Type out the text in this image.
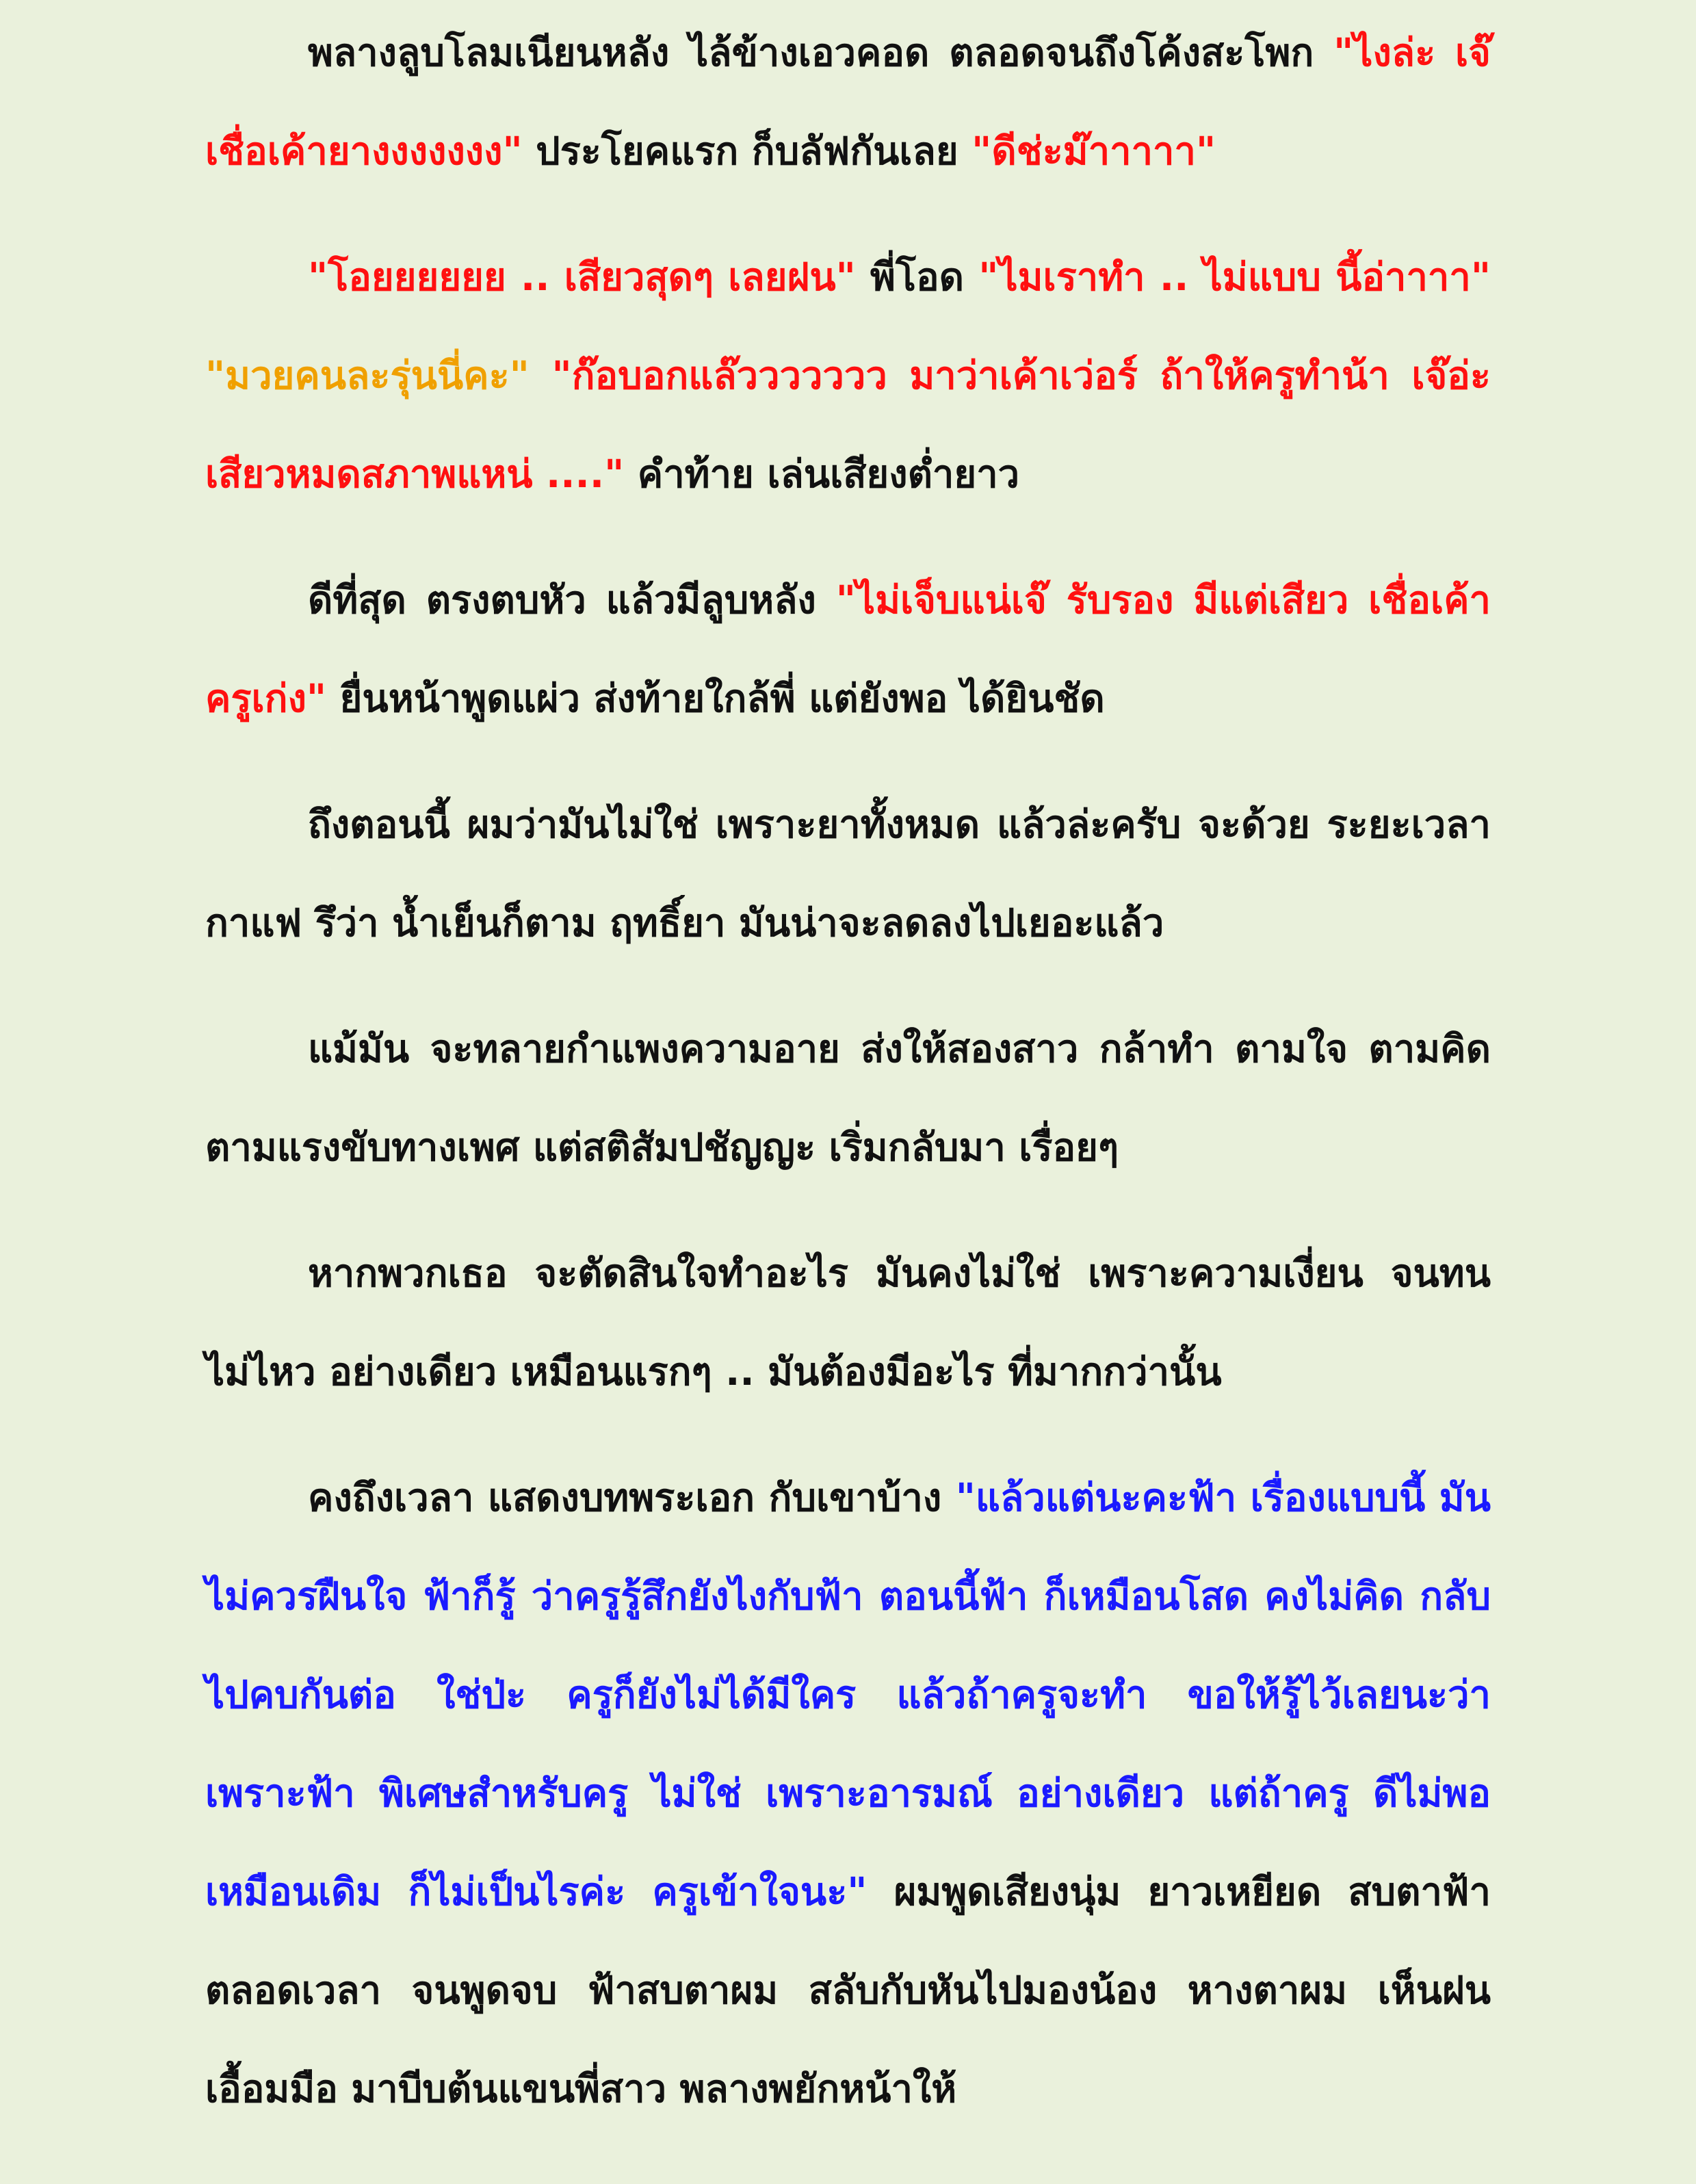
พลางลูบโลมเนียนหลัง ไล้ข้างเอวคอด ตลอดจนถึงโค้งสะโพก "ไงล่ะ เจ๊ เชื่อเค้ายางงงงงงง" ประโยคแรก ก็บลัฟกันเลย "ดีช่ะม๊าาาาา"

"โอยยยยยย .. เสียวสุดๆ เลยฝน" พี่โอด "ไมเราทำ .. ไม่แบบ นี้อ่าาาา" "มวยคนละรุ่นนี่คะ" "ก๊อบอกแล๊ววววววว มาว่าเค้าเว่อร์ ถ้าให้ครูทำน้า เจ๊อ่ะ เสียวหมดสภาพแหน่ ...." คำท้าย เล่นเสียงต่ำยาว

ดีที่สุด ตรงตบหัว แล้วมีลูบหลัง "ไม่เจ็บแน่เจ๊ รับรอง มีแต่เสียว เชื่อเค้า ครูเก่ง" ยื่นหน้าพูดแผ่ว ส่งท้ายใกล้พี่ แต่ยังพอ ได้ยินชัด

ถึงตอนนี้ ผมว่ามันไม่ใช่ เพราะยาทั้งหมด แล้วล่ะครับ จะด้วย ระยะเวลา กาแฟ รึว่า น้ำเย็นก็ตาม ฤทธิ์ยา มันน่าจะลดลงไปเยอะแล้ว

แม้มัน จะทลายกำแพงความอาย ส่งให้สองสาว กล้าทำ ตามใจ ตามคิด ตามแรงขับทางเพศ แต่สติสัมปชัญญะ เริ่มกลับมา เรื่อยๆ

หากพวกเธอ จะตัดสินใจทำอะไร มันคงไม่ใช่ เพราะความเงี่ยน จนทน ไม่ไหว อย่างเดียว เหมือนแรกๆ .. มันต้องมีอะไร ที่มากกว่านั้น

คงถึงเวลา แสดงบทพระเอก กับเขาบ้าง "แล้วแต่นะคะฟ้า เรื่องแบบนี้ มันไม่ควรฝืนใจ ฟ้าก็รู้ ว่าครูรู้สึกยังไงกับฟ้า ตอนนี้ฟ้า ก็เหมือนโสด คงไม่คิด กลับไปคบกันต่อ ใช่ป่ะ ครูก็ยังไม่ได้มีใคร แล้วถ้าครูจะทำ ขอให้รู้ไว้เลยนะว่า เพราะฟ้า พิเศษสำหรับครู ไม่ใช่ เพราะอารมณ์ อย่างเดียว แต่ถ้าครู ดีไม่พอ เหมือนเดิม ก็ไม่เป็นไรค่ะ ครูเข้าใจนะ" ผมพูดเสียงนุ่ม ยาวเหยียด สบตาฟ้า ตลอดเวลา จนพูดจบ ฟ้าสบตาผม สลับกับหันไปมองน้อง หางตาผม เห็นฝน เอื้อมมือ มาบีบต้นแขนพี่สาว พลางพยักหน้าให้
